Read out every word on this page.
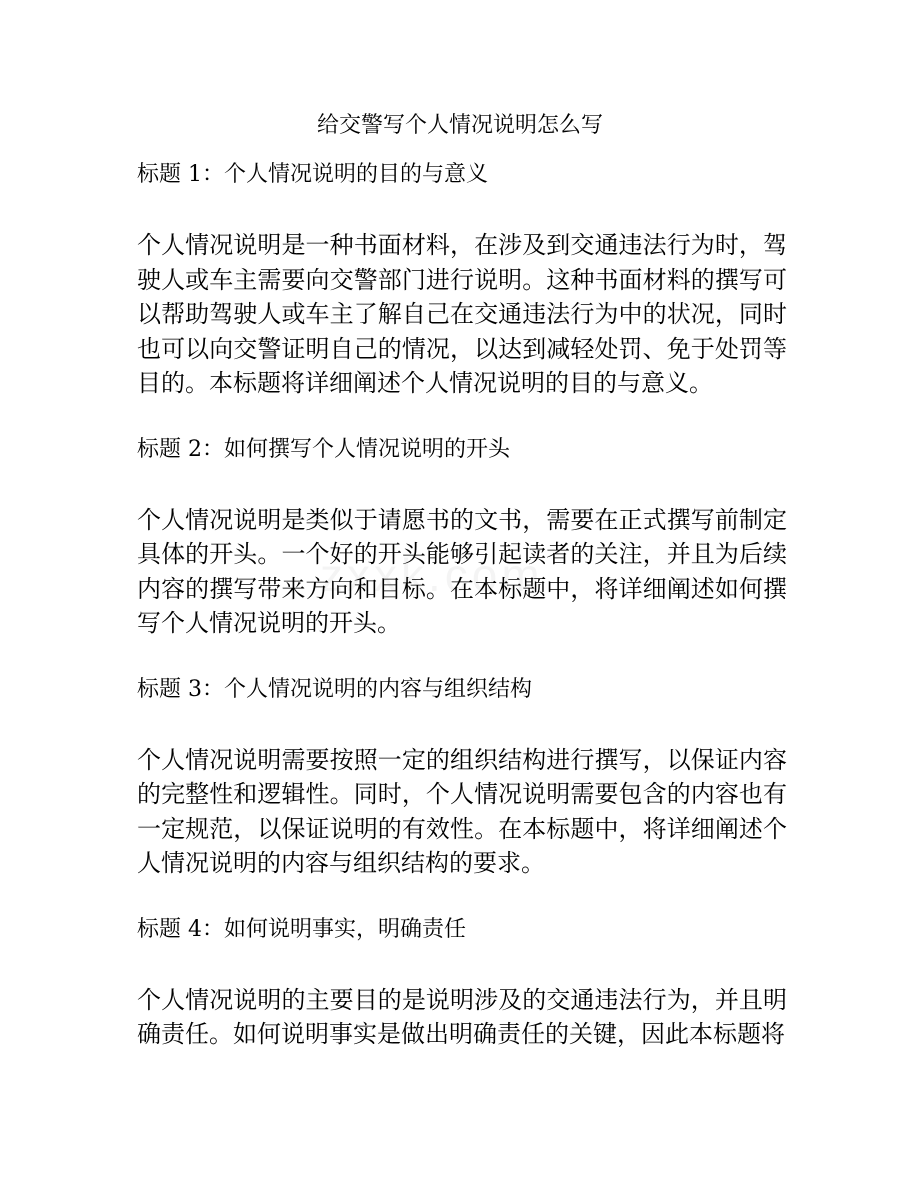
给交警写个人情况说明怎么写

标题 1：个人情况说明的目的与意义

个人情况说明是一种书面材料，在涉及到交通违法行为时，驾驶人或车主需要向交警部门进行说明。这种书面材料的撰写可以帮助驾驶人或车主了解自己在交通违法行为中的状况，同时也可以向交警证明自己的情况，以达到减轻处罚、免于处罚等目的。本标题将详细阐述个人情况说明的目的与意义。

标题 2：如何撰写个人情况说明的开头

个人情况说明是类似于请愿书的文书，需要在正式撰写前制定具体的开头。一个好的开头能够引起读者的关注，并且为后续内容的撰写带来方向和目标。在本标题中，将详细阐述如何撰写个人情况说明的开头。

标题 3：个人情况说明的内容与组织结构

个人情况说明需要按照一定的组织结构进行撰写，以保证内容的完整性和逻辑性。同时，个人情况说明需要包含的内容也有一定规范，以保证说明的有效性。在本标题中，将详细阐述个人情况说明的内容与组织结构的要求。

标题 4：如何说明事实，明确责任

个人情况说明的主要目的是说明涉及的交通违法行为，并且明确责任。如何说明事实是做出明确责任的关键，因此本标题将
